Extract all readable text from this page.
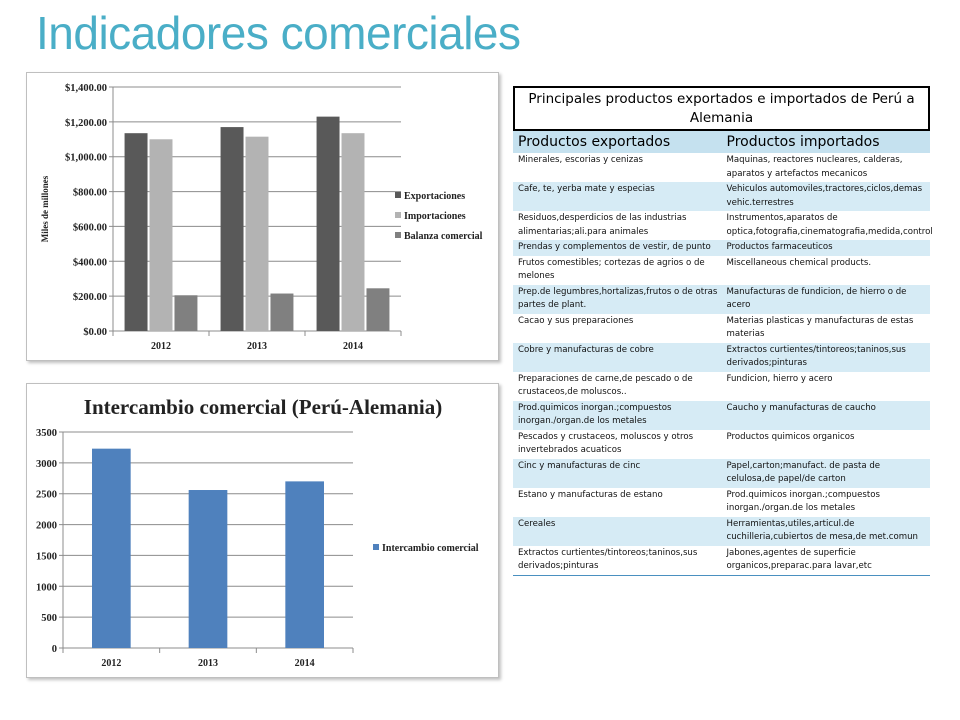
Indicadores comerciales
Miles de millones
$0.00
$200.00
$400.00
$600.00
$800.00
$1,000.00
$1,200.00
$1,400.00
2012	2013	2014
Exportaciones
Importaciones
Balanza comercial
Intercambio comercial (Perú-Alemania)
0
500
1000
1500
2000
2500
3000
3500
2012	2013	2014
Intercambio comercial
Principales productos exportados e importados de Perú a Alemania
Productos exportados	Productos importados
Minerales, escorias y cenizas	Maquinas, reactores nucleares, calderas, aparatos y artefactos mecanicos
Cafe, te, yerba mate y especias	Vehiculos automoviles,tractores,ciclos,demas vehic.terrestres
Residuos,desperdicios de las industrias alimentarias;ali.para animales	Instrumentos,aparatos de optica,fotografia,cinematografia,medida,control
Prendas y complementos de vestir, de punto	Productos farmaceuticos
Frutos comestibles; cortezas de agrios o de melones	Miscellaneous chemical products.
Prep.de legumbres,hortalizas,frutos o de otras partes de plant.	Manufacturas de fundicion, de hierro o de acero
Cacao y sus preparaciones	Materias plasticas y manufacturas de estas materias
Cobre y manufacturas de cobre	Extractos curtientes/tintoreos;taninos,sus derivados;pinturas
Preparaciones de carne,de pescado o de crustaceos,de moluscos..	Fundicion, hierro y acero
Prod.quimicos inorgan.;compuestos inorgan./organ.de los metales	Caucho y manufacturas de caucho
Pescados y crustaceos, moluscos y otros invertebrados acuaticos	Productos quimicos organicos
Cinc y manufacturas de cinc	Papel,carton;manufact. de pasta de celulosa,de papel/de carton
Estano y manufacturas de estano	Prod.quimicos inorgan.;compuestos inorgan./organ.de los metales
Cereales	Herramientas,utiles,articul.de cuchilleria,cubiertos de mesa,de met.comun
Extractos curtientes/tintoreos;taninos,sus derivados;pinturas	Jabones,agentes de superficie organicos,preparac.para lavar,etc
